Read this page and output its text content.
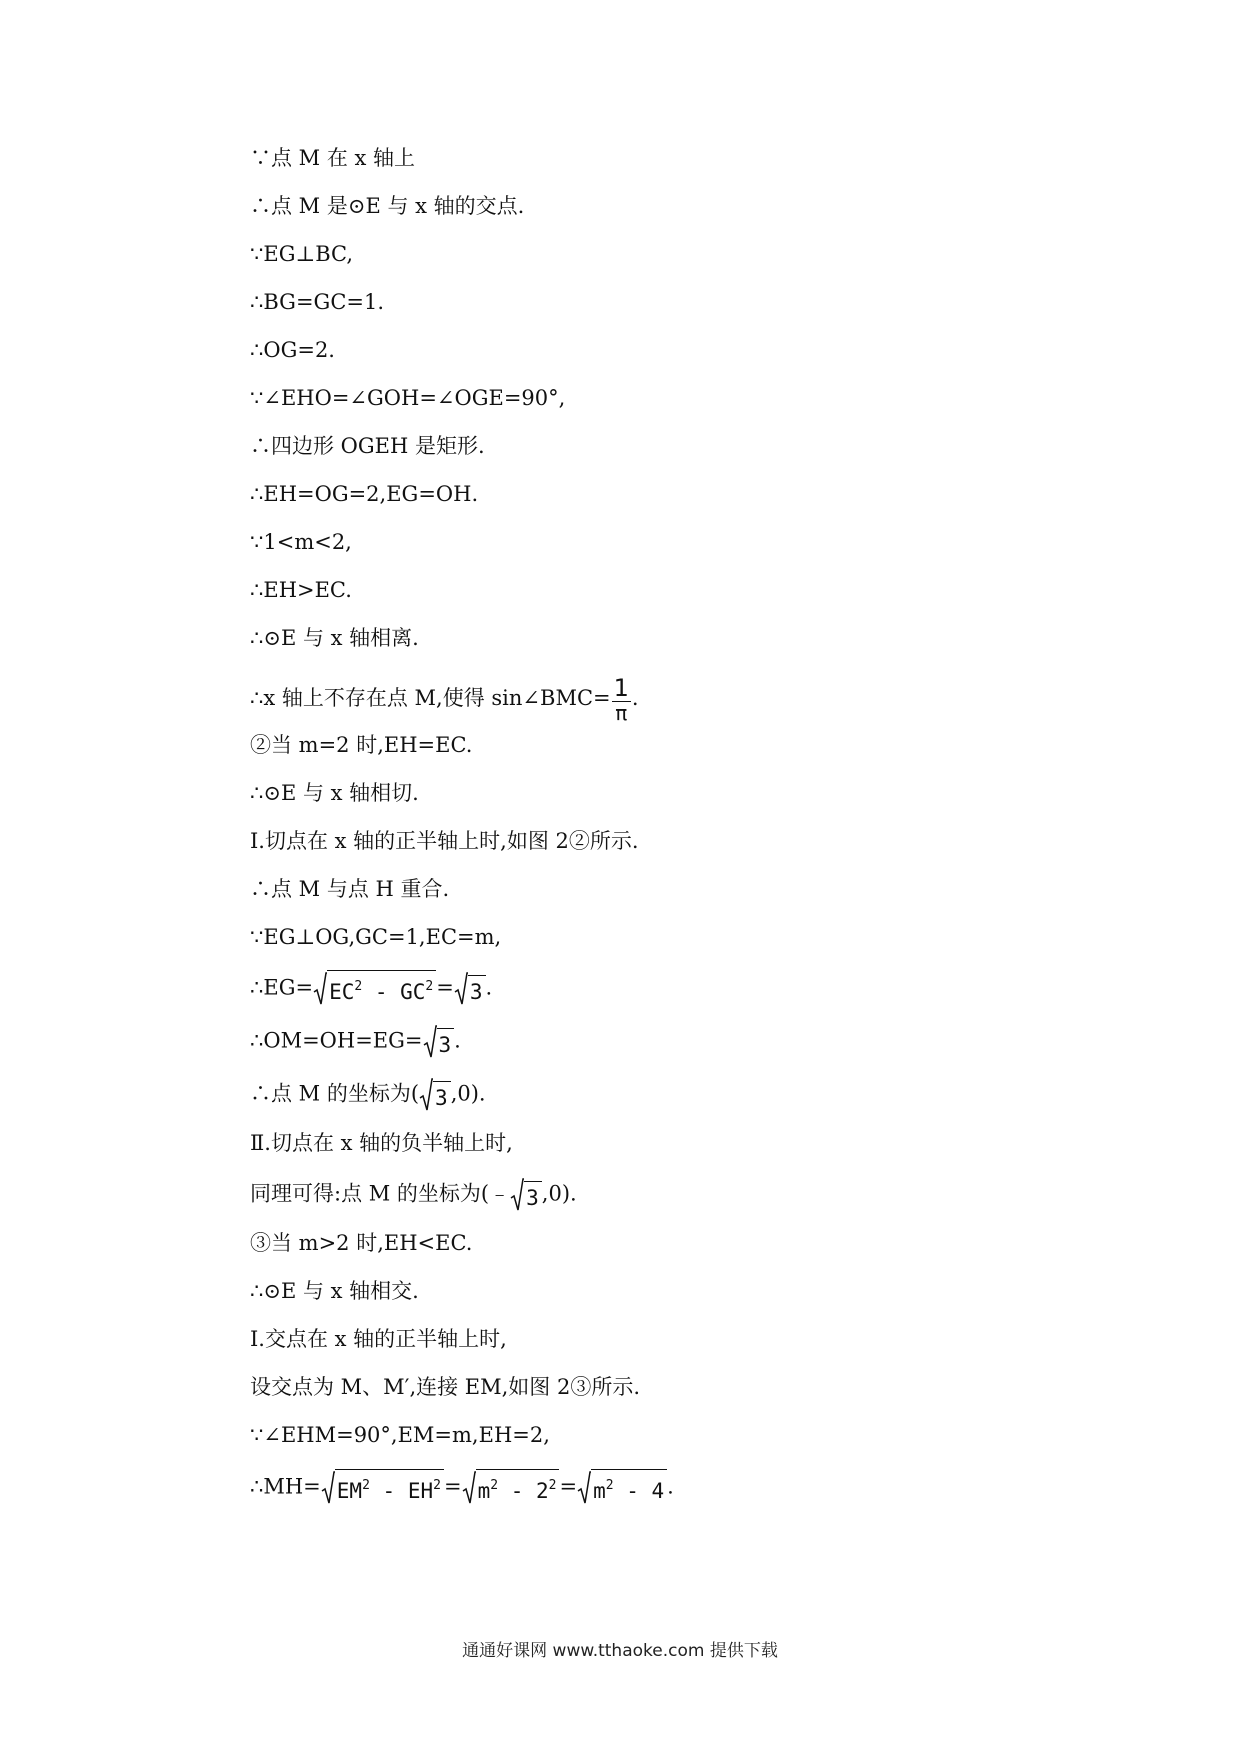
∵点 M 在 x 轴上
∴点 M 是⊙E 与 x 轴的交点.
∵EG⊥BC,
∴BG=GC=1.
∴OG=2.
∵∠EHO=∠GOH=∠OGE=90°,
∴四边形 OGEH 是矩形.
∴EH=OG=2,EG=OH.
∵1<m<2,
∴EH>EC.
∴⊙E 与 x 轴相离.
∴x 轴上不存在点 M,使得 sin∠BMC= $\frac{1}{\pi}$ .
②当 m=2 时,EH=EC.
∴⊙E 与 x 轴相切.
Ⅰ.切点在 x 轴的正半轴上时,如图 2②所示.
∴点 M 与点 H 重合.
∵EG⊥OG,GC=1,EC=m,
∴EG= $EC^2 - GC^2 = 3$ .
∴OM=OH=EG= 3 .
∴点 M 的坐标为( 3 ,0).
Ⅱ.切点在 x 轴的负半轴上时,
同理可得:点 M 的坐标为(﹣ 3 ,0).
③当 m>2 时,EH<EC.
∴⊙E 与 x 轴相交.
Ⅰ.交点在 x 轴的正半轴上时,
设交点为 M、M′,连接 EM,如图 2③所示.
∵∠EHM=90°,EM=m,EH=2,
∴MH= $EM^2 - EH^2 = m^2 - 2^2 = m^2 - 4$ .
通通好课网 www.tthaoke.com 提供下载
